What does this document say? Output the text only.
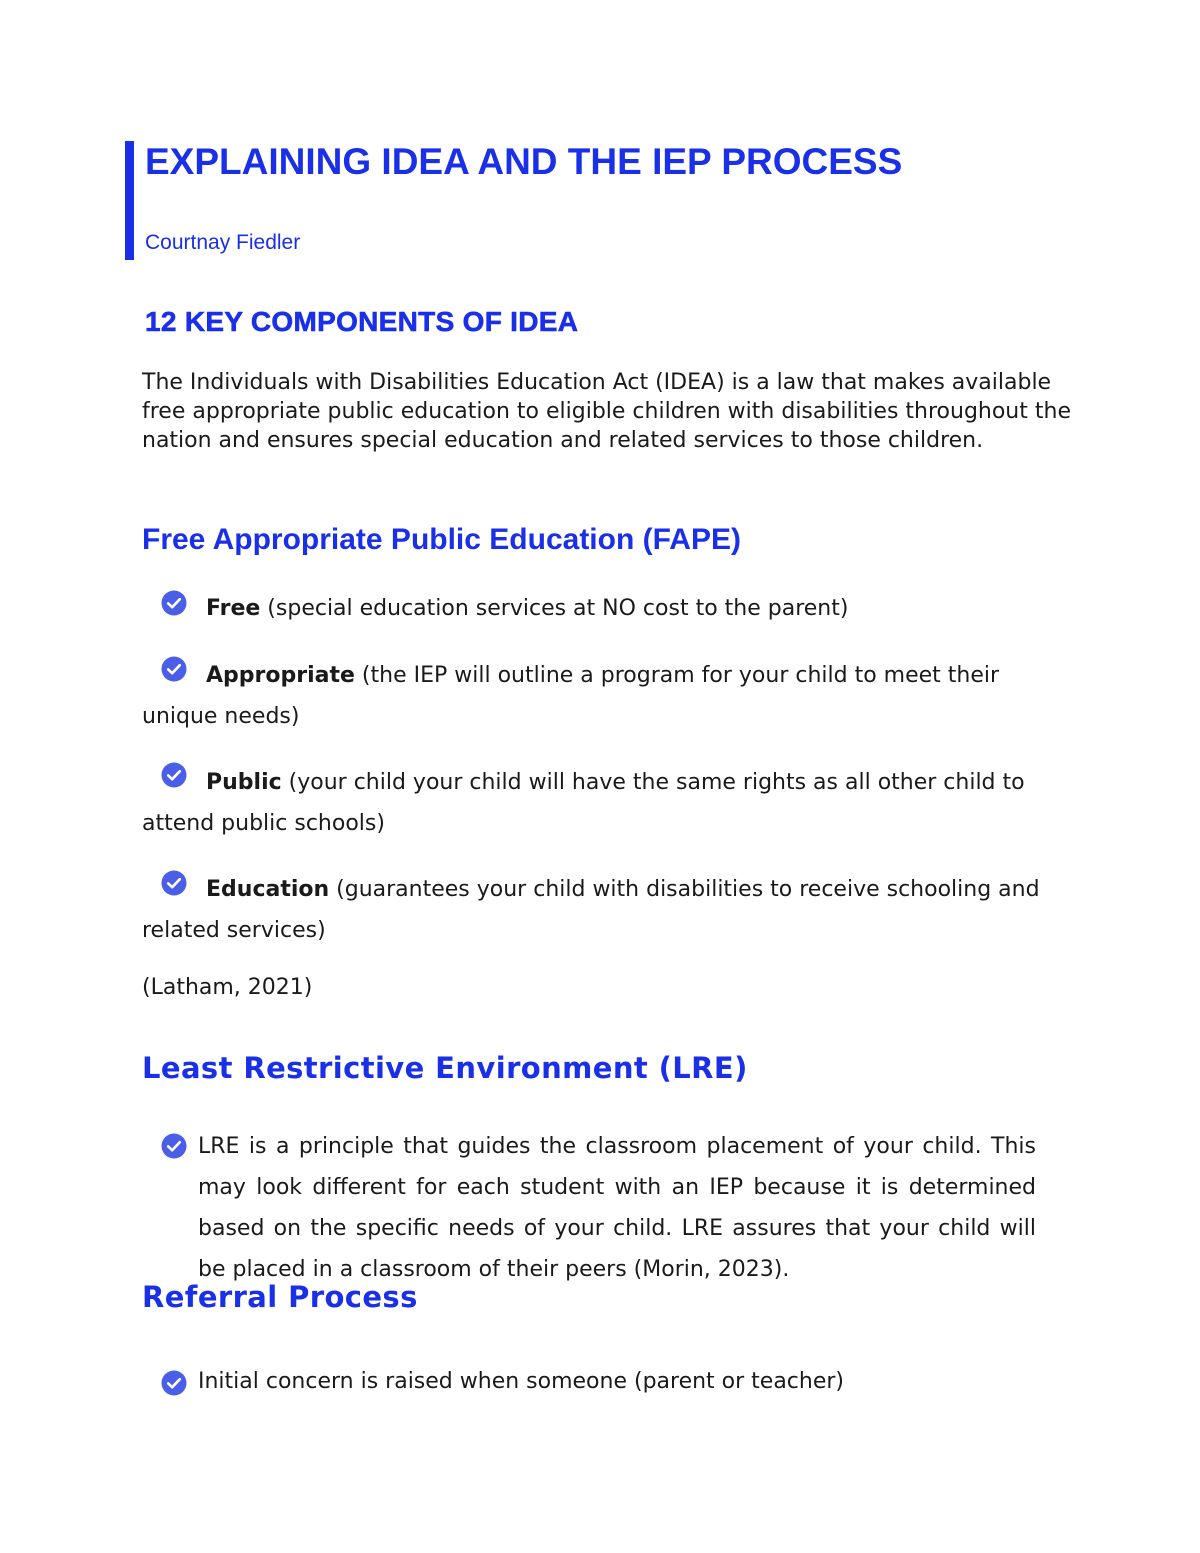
EXPLAINING IDEA AND THE IEP PROCESS
Courtnay Fiedler
12 KEY COMPONENTS OF IDEA

The Individuals with Disabilities Education Act (IDEA) is a law that makes available free appropriate public education to eligible children with disabilities throughout the nation and ensures special education and related services to those children.

Free Appropriate Public Education (FAPE)

Free (special education services at NO cost to the parent)

Appropriate (the IEP will outline a program for your child to meet their unique needs)

Public (your child your child will have the same rights as all other child to attend public schools)

Education (guarantees your child with disabilities to receive schooling and related services)

(Latham, 2021)

Least Restrictive Environment (LRE)

LRE is a principle that guides the classroom placement of your child. This may look different for each student with an IEP because it is determined based on the specific needs of your child. LRE assures that your child will be placed in a classroom of their peers (Morin, 2023).

Referral Process

Initial concern is raised when someone (parent or teacher)
